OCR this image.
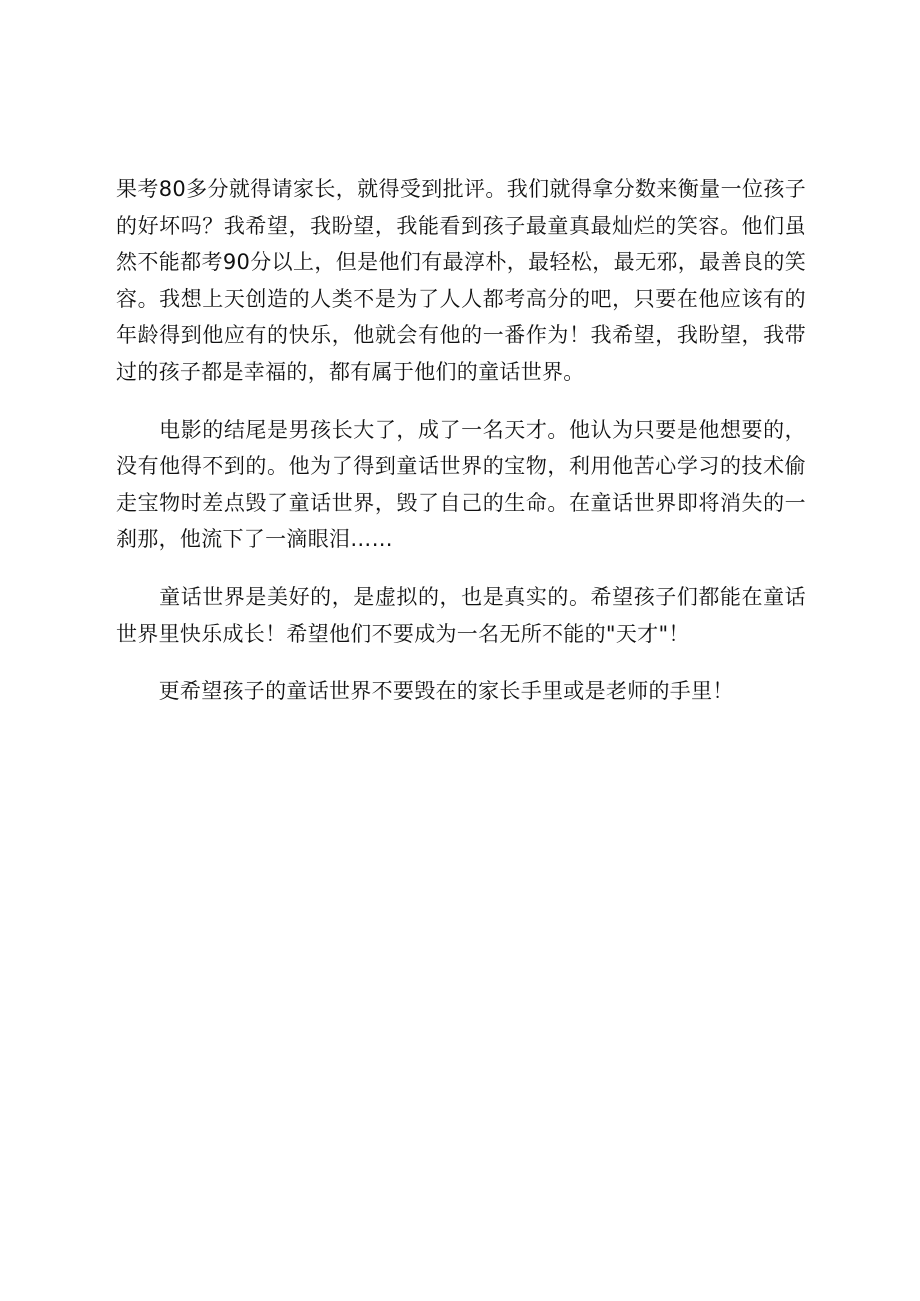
果考80多分就得请家长，就得受到批评。我们就得拿分数来衡量一位孩子的好坏吗？我希望，我盼望，我能看到孩子最童真最灿烂的笑容。他们虽然不能都考90分以上，但是他们有最淳朴，最轻松，最无邪，最善良的笑容。我想上天创造的人类不是为了人人都考高分的吧，只要在他应该有的年龄得到他应有的快乐，他就会有他的一番作为！我希望，我盼望，我带过的孩子都是幸福的，都有属于他们的童话世界。

　　电影的结尾是男孩长大了，成了一名天才。他认为只要是他想要的，没有他得不到的。他为了得到童话世界的宝物，利用他苦心学习的技术偷走宝物时差点毁了童话世界，毁了自己的生命。在童话世界即将消失的一刹那，他流下了一滴眼泪……

　　童话世界是美好的，是虚拟的，也是真实的。希望孩子们都能在童话世界里快乐成长！希望他们不要成为一名无所不能的"天才"！

　　更希望孩子的童话世界不要毁在的家长手里或是老师的手里！
